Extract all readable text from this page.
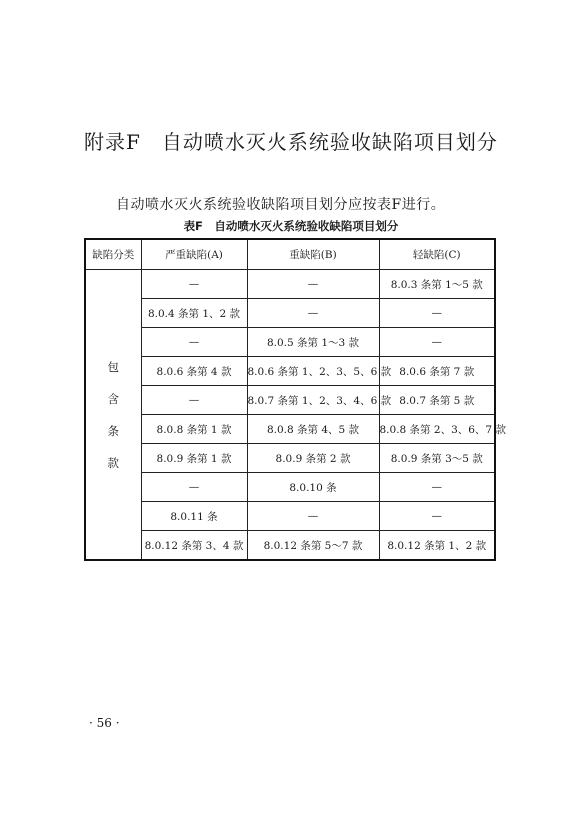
附录F　自动喷水灭火系统验收缺陷项目划分
自动喷水灭火系统验收缺陷项目划分应按表F进行。
表F　自动喷水灭火系统验收缺陷项目划分
缺陷分类	严重缺陷(A)	重缺陷(B)	轻缺陷(C)

包
含
条
款	—	—	8.0.3 条第 1～5 款
	8.0.4 条第 1、2 款	—	—
	—	8.0.5 条第 1～3 款	—
	8.0.6 条第 4 款	8.0.6 条第 1、2、3、5、6 款	8.0.6 条第 7 款
	—	8.0.7 条第 1、2、3、4、6 款	8.0.7 条第 5 款
	8.0.8 条第 1 款	8.0.8 条第 4、5 款	8.0.8 条第 2、3、6、7 款
	8.0.9 条第 1 款	8.0.9 条第 2 款	8.0.9 条第 3～5 款
	—	8.0.10 条	—
	8.0.11 条	—	—
	8.0.12 条第 3、4 款	8.0.12 条第 5～7 款	8.0.12 条第 1、2 款
· 56 ·
